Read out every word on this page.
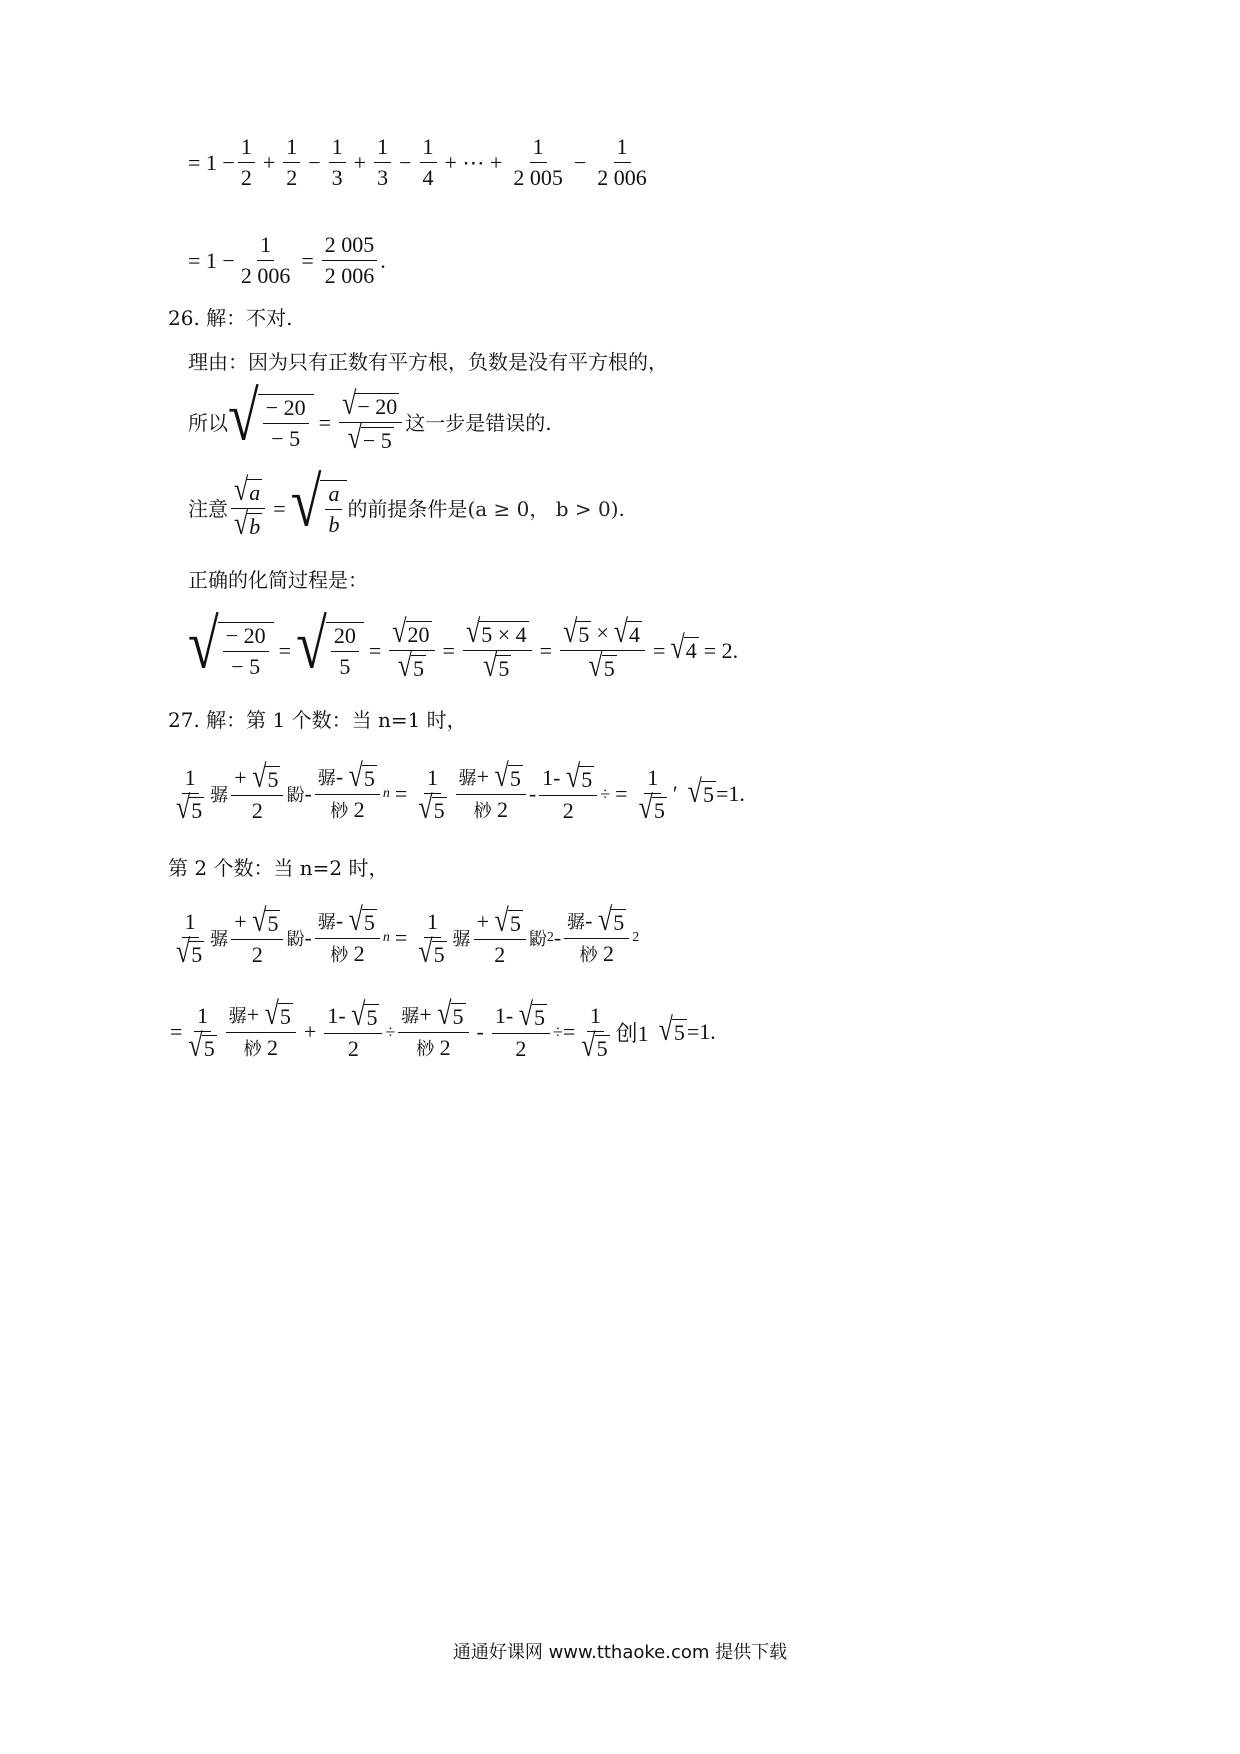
= $1 - \frac{1}{2} + \frac{1}{2} - \frac{1}{3} + \frac{1}{3} - \frac{1}{4}$ + ⋯ + $\frac{1}{2 005} - \frac{1}{2 006}$
= $1 - \frac{1}{2 006} = \frac{2 005}{2 006}$ .
26. 解：不对.
理由：因为只有正数有平方根，负数是没有平方根的，
所以 √ $\frac{- 20}{- 5} = \frac{√ - 20}{√ - 5}$ 这一步是错误的.
注意 $\frac{√ a}{√ b}$ = √ $\frac{a}{b}$ 的前提条件是 (a ≥ 0， b > 0).
正确的化简过程是：
√ $\frac{- 20}{- 5}$ = √ $\frac{20}{5} = \frac{√ 20}{√ 5} = \frac{√ 5 \times 4}{√ 5} = \frac{√ 5 \times √ 4}{√ 5}$ = √ 4 = 2.
27. 解：第 1 个数：当 n=1 时，
$\frac{1}{√ 5}$ 骣 $\frac{+ √ 5}{2}$ 鼢 - $\frac{\text{骣- √ 5}}{\text{桫 2}}$ $n = \frac{1}{√ 5} \frac{\text{骣+ √ 5}}{\text{桫 2}} - \frac{1- √ 5}{2}$ ÷ = $\frac{1}{√ 5}$ ′ √ 5 =1.
第 2 个数：当 n=2 时，
$\frac{1}{√ 5}$ 骣 $\frac{+ √ 5}{2}$ 鼢 - $\frac{\text{骣- √ 5}}{\text{桫 2}}$ $n = \frac{1}{√ 5}$ 骣 $\frac{+ √ 5}{2}$ 鼢 $2 - \frac{\text{骣- √ 5}}{\text{桫 2}} 2$
= $\frac{1}{√ 5} \frac{\text{骣+ √ 5}}{\text{桫 2}} + \frac{1- √ 5}{2} \div \frac{\text{骣+ √ 5}}{\text{桫 2}} - \frac{1- √ 5}{2}$ ÷ = $\frac{1}{√ 5}$ 创1 √ 5 =1.
通通好课网 www.tthaoke.com 提供下载
